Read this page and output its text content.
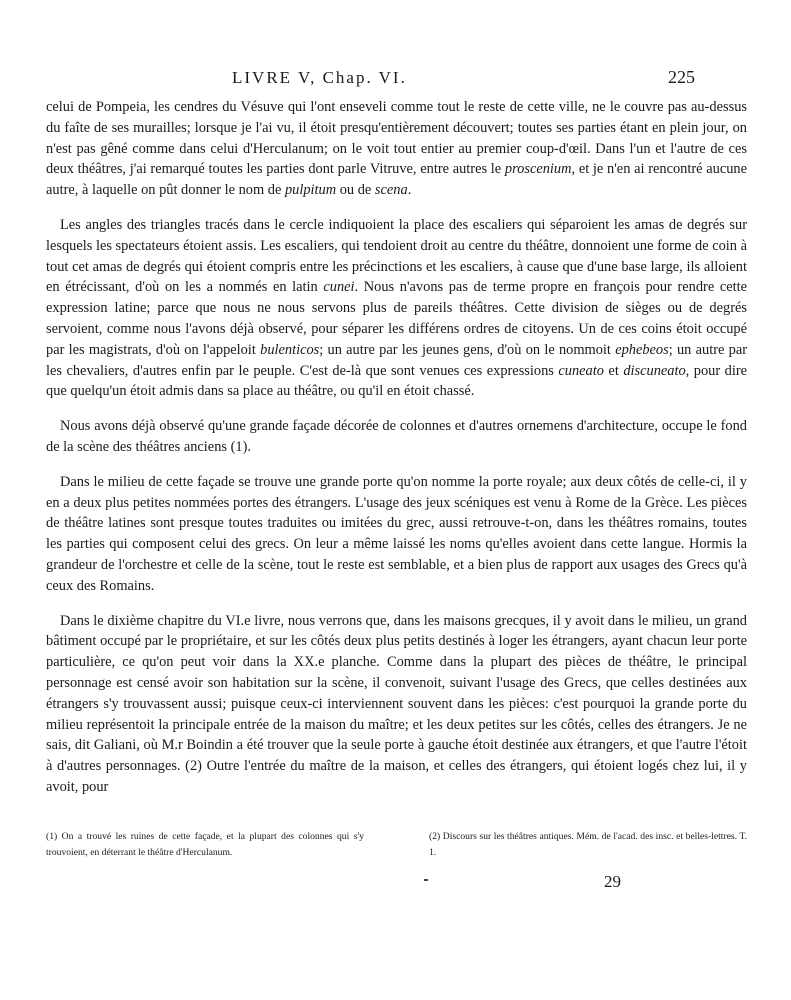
LIVRE V, Chap. VI.	225

celui de Pompeia, les cendres du Vésuve qui l'ont enseveli comme tout le reste de cette ville, ne le couvre pas au-dessus du faîte de ses murailles; lorsque je l'ai vu, il étoit presqu'entièrement découvert; toutes ses parties étant en plein jour, on n'est pas gêné comme dans celui d'Herculanum; on le voit tout entier au premier coup-d'œil. Dans l'un et l'autre de ces deux théâtres, j'ai remarqué toutes les parties dont parle Vitruve, entre autres le proscenium, et je n'en ai rencontré aucune autre, à laquelle on pût donner le nom de pulpitum ou de scena.

Les angles des triangles tracés dans le cercle indiquoient la place des escaliers qui séparoient les amas de degrés sur lesquels les spectateurs étoient assis. Les escaliers, qui tendoient droit au centre du théâtre, donnoient une forme de coin à tout cet amas de degrés qui étoient compris entre les précinctions et les escaliers, à cause que d'une base large, ils alloient en étrécissant, d'où on les a nommés en latin cunei. Nous n'avons pas de terme propre en françois pour rendre cette expression latine; parce que nous ne nous servons plus de pareils théâtres. Cette division de sièges ou de degrés servoient, comme nous l'avons déjà observé, pour séparer les différens ordres de citoyens. Un de ces coins étoit occupé par les magistrats, d'où on l'appeloit bulenticos; un autre par les jeunes gens, d'où on le nommoit ephebeos; un autre par les chevaliers, d'autres enfin par le peuple. C'est de-là que sont venues ces expressions cuneato et discuneato, pour dire que quelqu'un étoit admis dans sa place au théâtre, ou qu'il en étoit chassé.

Nous avons déjà observé qu'une grande façade décorée de colonnes et d'autres ornemens d'architecture, occupe le fond de la scène des théâtres anciens (1).

Dans le milieu de cette façade se trouve une grande porte qu'on nomme la porte royale; aux deux côtés de celle-ci, il y en a deux plus petites nommées portes des étrangers. L'usage des jeux scéniques est venu à Rome de la Grèce. Les pièces de théâtre latines sont presque toutes traduites ou imitées du grec, aussi retrouve-t-on, dans les théâtres romains, toutes les parties qui composent celui des grecs. On leur a même laissé les noms qu'elles avoient dans cette langue. Hormis la grandeur de l'orchestre et celle de la scène, tout le reste est semblable, et a bien plus de rapport aux usages des Grecs qu'à ceux des Romains.

Dans le dixième chapitre du VI.e livre, nous verrons que, dans les maisons grecques, il y avoit dans le milieu, un grand bâtiment occupé par le propriétaire, et sur les côtés deux plus petits destinés à loger les étrangers, ayant chacun leur porte particulière, ce qu'on peut voir dans la XX.e planche. Comme dans la plupart des pièces de théâtre, le principal personnage est censé avoir son habitation sur la scène, il convenoit, suivant l'usage des Grecs, que celles destinées aux étrangers s'y trouvassent aussi; puisque ceux-ci interviennent souvent dans les pièces: c'est pourquoi la grande porte du milieu représentoit la principale entrée de la maison du maître; et les deux petites sur les côtés, celles des étrangers. Je ne sais, dit Galiani, où M.r Boindin a été trouver que la seule porte à gauche étoit destinée aux étrangers, et que l'autre l'étoit à d'autres personnages. (2) Outre l'entrée du maître de la maison, et celles des étrangers, qui étoient logés chez lui, il y avoit, pour

(1) On a trouvé les ruines de cette façade, et la plupart des colonnes qui s'y trouvoient, en déterrant le théâtre d'Herculanum.
(2) Discours sur les théâtres antiques. Mém. de l'acad. des insc. et belles-lettres. T. 1.
29
